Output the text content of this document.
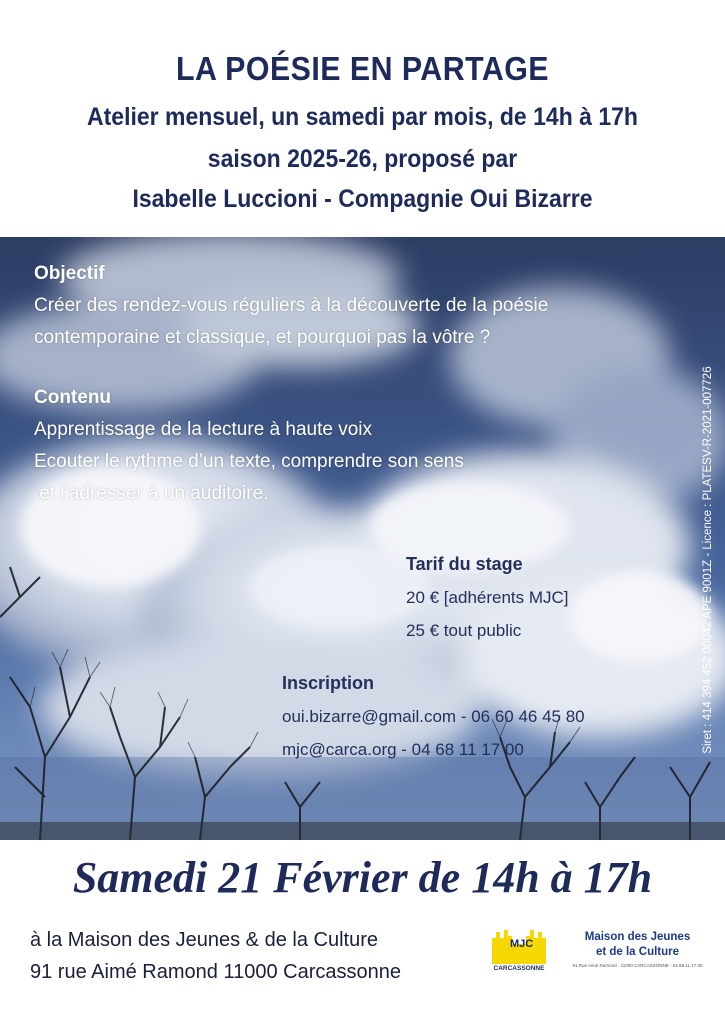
LA POÉSIE EN PARTAGE
Atelier mensuel, un samedi par mois, de 14h à 17h
saison 2025-26, proposé par
Isabelle Luccioni - Compagnie Oui Bizarre
Objectif
Créer des rendez-vous réguliers à la découverte de la poésie
contemporaine et classique, et pourquoi pas la vôtre ?
Contenu
Apprentissage de la lecture à haute voix
Ecouter le rythme d’un texte, comprendre son sens
et l’adresser à un auditoire.
Tarif du stage
20 € [adhérents MJC]
25 € tout public
Inscription
oui.bizarre@gmail.com - 06 60 46 45 80
mjc@carca.org - 04 68 11 17 00	Siret : 414 394 452 00042 APE 9001Z - Licence : PLATESV-R-2021-007726
Samedi 21 Février de 14h à 17h
à la Maison des Jeunes & de la Culture
91 rue Aimé Ramond 11000 Carcassonne
MJC
CARCASSONNE
Maison des Jeunes
et de la Culture
91 Rue Aimé Ramond - 11000 CARCASSONNE - 04.68.11.17.00
